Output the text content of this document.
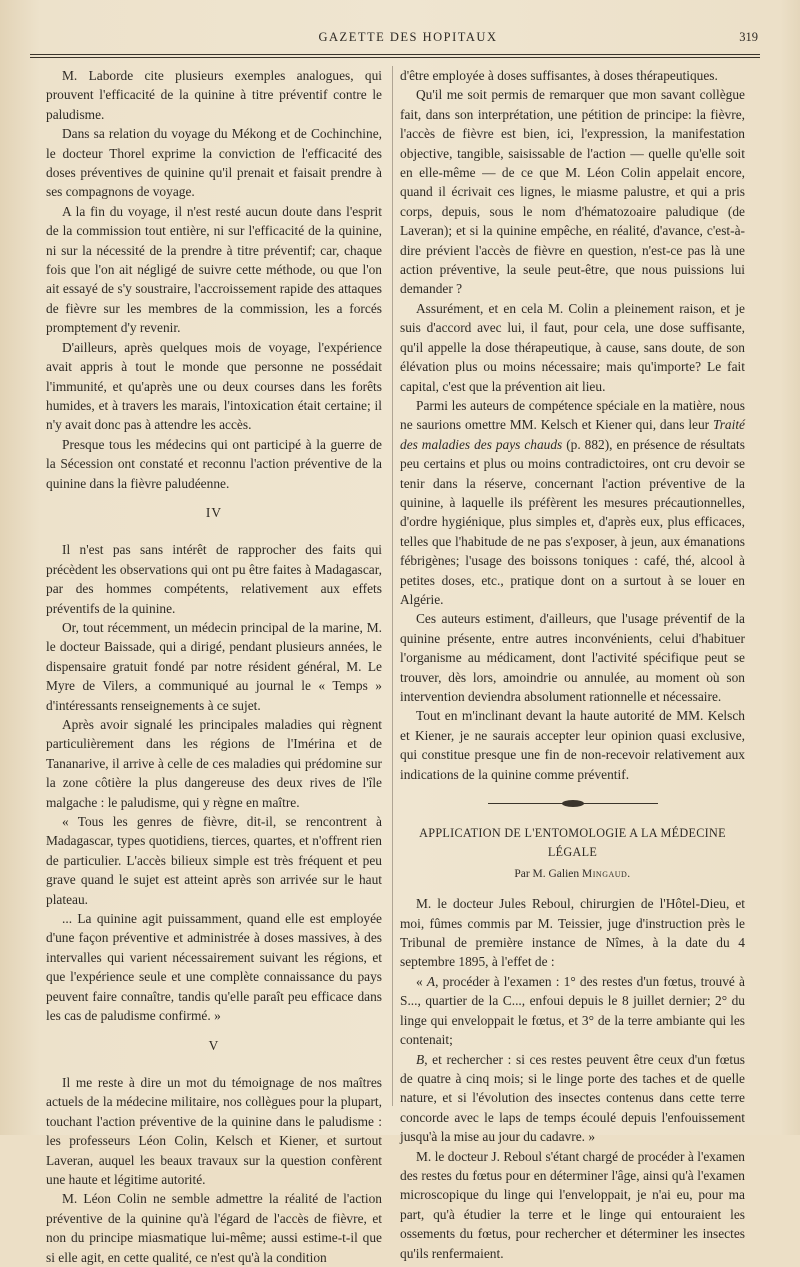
GAZETTE DES HOPITAUX	319

M. Laborde cite plusieurs exemples analogues, qui prouvent l'efficacité de la quinine à titre préventif contre le paludisme.

Dans sa relation du voyage du Mékong et de Cochinchine, le docteur Thorel exprime la conviction de l'efficacité des doses préventives de quinine qu'il prenait et faisait prendre à ses compagnons de voyage.

A la fin du voyage, il n'est resté aucun doute dans l'esprit de la commission tout entière, ni sur l'efficacité de la quinine, ni sur la nécessité de la prendre à titre préventif; car, chaque fois que l'on ait négligé de suivre cette méthode, ou que l'on ait essayé de s'y soustraire, l'accroissement rapide des attaques de fièvre sur les membres de la commission, les a forcés promptement d'y revenir.

D'ailleurs, après quelques mois de voyage, l'expérience avait appris à tout le monde que personne ne possédait l'immunité, et qu'après une ou deux courses dans les forêts humides, et à travers les marais, l'intoxication était certaine; il n'y avait donc pas à attendre les accès.

Presque tous les médecins qui ont participé à la guerre de la Sécession ont constaté et reconnu l'action préventive de la quinine dans la fièvre paludéenne.

IV

Il n'est pas sans intérêt de rapprocher des faits qui précèdent les observations qui ont pu être faites à Madagascar, par des hommes compétents, relativement aux effets préventifs de la quinine.

Or, tout récemment, un médecin principal de la marine, M. le docteur Baissade, qui a dirigé, pendant plusieurs années, le dispensaire gratuit fondé par notre résident général, M. Le Myre de Vilers, a communiqué au journal le « Temps » d'intéressants renseignements à ce sujet.

Après avoir signalé les principales maladies qui règnent particulièrement dans les régions de l'Imérina et de Tananarive, il arrive à celle de ces maladies qui prédomine sur la zone côtière la plus dangereuse des deux rives de l'île malgache : le paludisme, qui y règne en maître.

« Tous les genres de fièvre, dit-il, se rencontrent à Madagascar, types quotidiens, tierces, quartes, et n'offrent rien de particulier. L'accès bilieux simple est très fréquent et peu grave quand le sujet est atteint après son arrivée sur le haut plateau.

... La quinine agit puissamment, quand elle est employée d'une façon préventive et administrée à doses massives, à des intervalles qui varient nécessairement suivant les régions, et que l'expérience seule et une complète connaissance du pays peuvent faire connaître, tandis qu'elle paraît peu efficace dans les cas de paludisme confirmé. »

V

Il me reste à dire un mot du témoignage de nos maîtres actuels de la médecine militaire, nos collègues pour la plupart, touchant l'action préventive de la quinine dans le paludisme : les professeurs Léon Colin, Kelsch et Kiener, et surtout Laveran, auquel les beaux travaux sur la question confèrent une haute et légitime autorité.

M. Léon Colin ne semble admettre la réalité de l'action préventive de la quinine qu'à l'égard de l'accès de fièvre, et non du principe miasmatique lui-même; aussi estime-t-il que si elle agit, en cette qualité, ce n'est qu'à la condition

d'être employée à doses suffisantes, à doses thérapeutiques.

Qu'il me soit permis de remarquer que mon savant collègue fait, dans son interprétation, une pétition de principe: la fièvre, l'accès de fièvre est bien, ici, l'expression, la manifestation objective, tangible, saisissable de l'action — quelle qu'elle soit en elle-même — de ce que M. Léon Colin appelait encore, quand il écrivait ces lignes, le miasme palustre, et qui a pris corps, depuis, sous le nom d'hématozoaire paludique (de Laveran); et si la quinine empêche, en réalité, d'avance, c'est-à-dire prévient l'accès de fièvre en question, n'est-ce pas là une action préventive, la seule peut-être, que nous puissions lui demander ?

Assurément, et en cela M. Colin a pleinement raison, et je suis d'accord avec lui, il faut, pour cela, une dose suffisante, qu'il appelle la dose thérapeutique, à cause, sans doute, de son élévation plus ou moins nécessaire; mais qu'importe? Le fait capital, c'est que la prévention ait lieu.

Parmi les auteurs de compétence spéciale en la matière, nous ne saurions omettre MM. Kelsch et Kiener qui, dans leur Traité des maladies des pays chauds (p. 882), en présence de résultats peu certains et plus ou moins contradictoires, ont cru devoir se tenir dans la réserve, concernant l'action préventive de la quinine, à laquelle ils préfèrent les mesures précautionnelles, d'ordre hygiénique, plus simples et, d'après eux, plus efficaces, telles que l'habitude de ne pas s'exposer, à jeun, aux émanations fébrigènes; l'usage des boissons toniques : café, thé, alcool à petites doses, etc., pratique dont on a surtout à se louer en Algérie.

Ces auteurs estiment, d'ailleurs, que l'usage préventif de la quinine présente, entre autres inconvénients, celui d'habituer l'organisme au médicament, dont l'activité spécifique peut se trouver, dès lors, amoindrie ou annulée, au moment où son intervention deviendra absolument rationnelle et nécessaire.

Tout en m'inclinant devant la haute autorité de MM. Kelsch et Kiener, je ne saurais accepter leur opinion quasi exclusive, qui constitue presque une fin de non-recevoir relativement aux indications de la quinine comme préventif.

APPLICATION DE L'ENTOMOLOGIE A LA MÉDECINE LÉGALE
Par M. Galien Mingaud.

M. le docteur Jules Reboul, chirurgien de l'Hôtel-Dieu, et moi, fûmes commis par M. Teissier, juge d'instruction près le Tribunal de première instance de Nîmes, à la date du 4 septembre 1895, à l'effet de :

« A, procéder à l'examen : 1° des restes d'un fœtus, trouvé à S..., quartier de la C..., enfoui depuis le 8 juillet dernier; 2° du linge qui enveloppait le fœtus, et 3° de la terre ambiante qui les contenait;

B, et rechercher : si ces restes peuvent être ceux d'un fœtus de quatre à cinq mois; si le linge porte des taches et de quelle nature, et si l'évolution des insectes contenus dans cette terre concorde avec le laps de temps écoulé depuis l'enfouissement jusqu'à la mise au jour du cadavre. »

M. le docteur J. Reboul s'étant chargé de procéder à l'examen des restes du fœtus pour en déterminer l'âge, ainsi qu'à l'examen microscopique du linge qui l'enveloppait, je n'ai eu, pour ma part, qu'à étudier la terre et le linge qui entouraient les ossements du fœtus, pour rechercher et déterminer les insectes qu'ils renfermaient.
